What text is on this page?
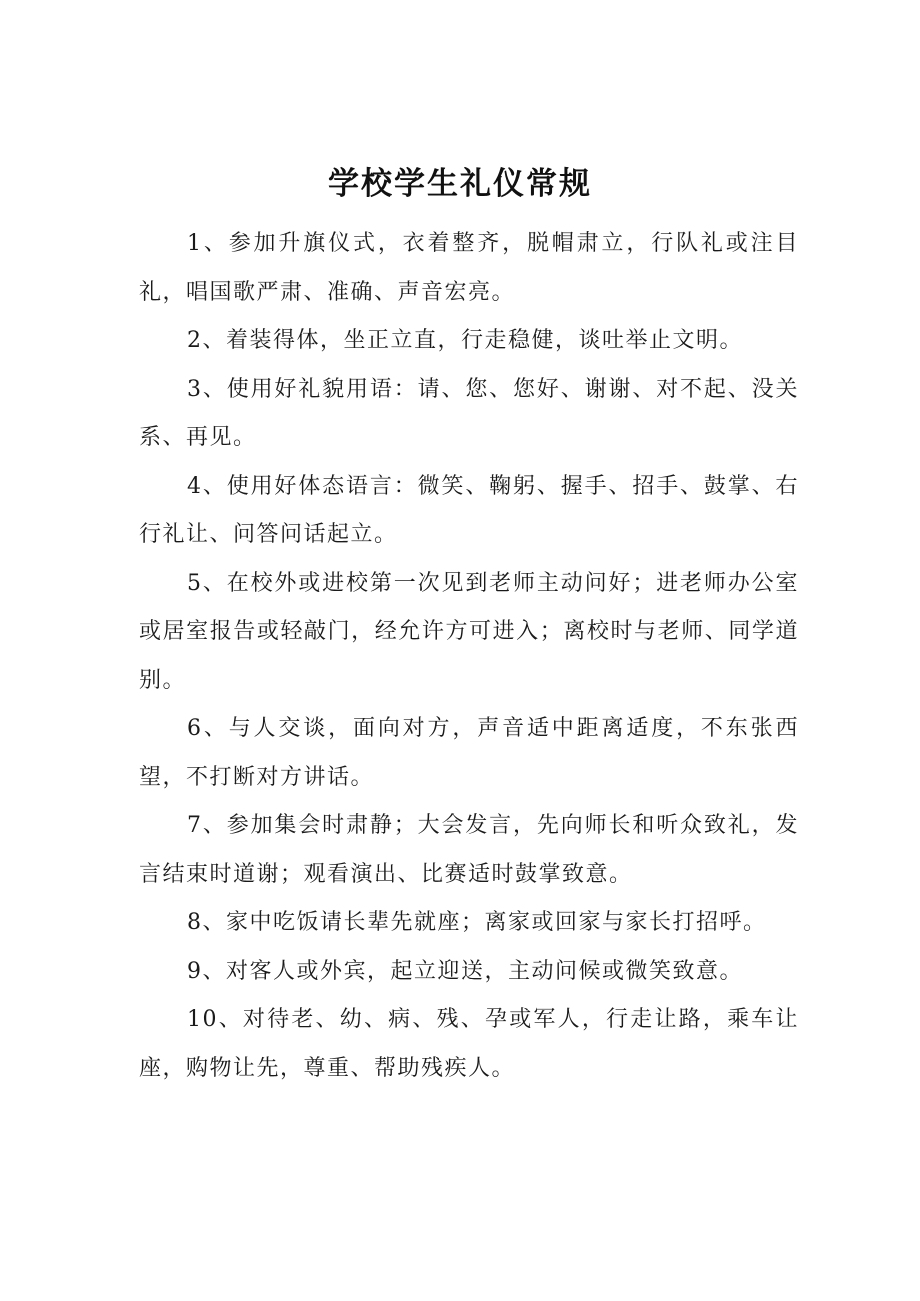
学校学生礼仪常规

1、参加升旗仪式，衣着整齐，脱帽肃立，行队礼或注目礼，唱国歌严肃、准确、声音宏亮。

2、着装得体，坐正立直，行走稳健，谈吐举止文明。

3、使用好礼貌用语：请、您、您好、谢谢、对不起、没关系、再见。

4、使用好体态语言：微笑、鞠躬、握手、招手、鼓掌、右行礼让、问答问话起立。

5、在校外或进校第一次见到老师主动问好；进老师办公室或居室报告或轻敲门，经允许方可进入；离校时与老师、同学道别。

6、与人交谈，面向对方，声音适中距离适度，不东张西望，不打断对方讲话。

7、参加集会时肃静；大会发言，先向师长和听众致礼，发言结束时道谢；观看演出、比赛适时鼓掌致意。

8、家中吃饭请长辈先就座；离家或回家与家长打招呼。

9、对客人或外宾，起立迎送，主动问候或微笑致意。

10、对待老、幼、病、残、孕或军人，行走让路，乘车让座，购物让先，尊重、帮助残疾人。
